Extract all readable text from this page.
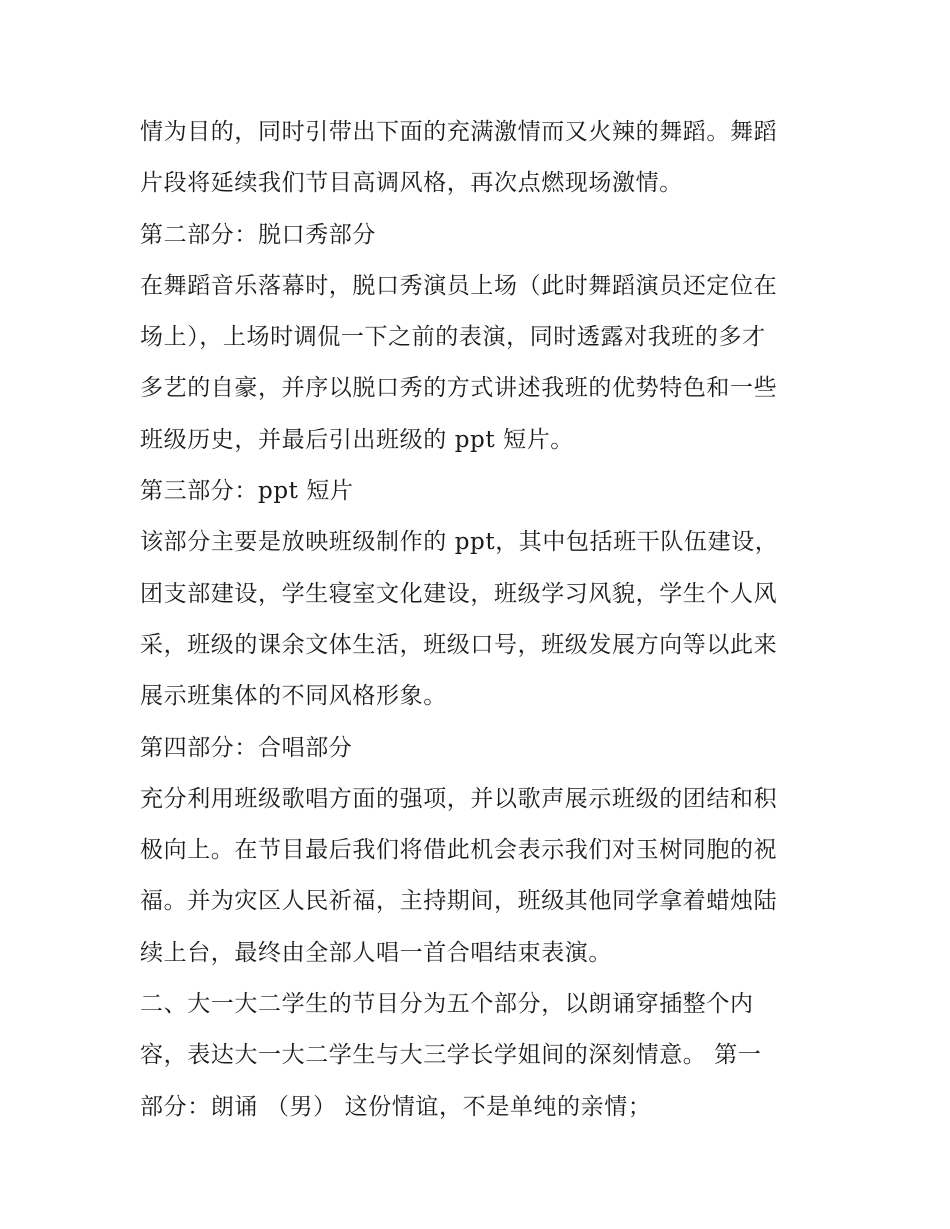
情为目的，同时引带出下面的充满激情而又火辣的舞蹈。舞蹈
片段将延续我们节目高调风格，再次点燃现场激情。
第二部分：脱口秀部分
在舞蹈音乐落幕时，脱口秀演员上场（此时舞蹈演员还定位在
场上），上场时调侃一下之前的表演，同时透露对我班的多才
多艺的自豪，并序以脱口秀的方式讲述我班的优势特色和一些
班级历史，并最后引出班级的 ppt 短片。
第三部分：ppt 短片
该部分主要是放映班级制作的 ppt，其中包括班干队伍建设，
团支部建设，学生寝室文化建设，班级学习风貌，学生个人风
采，班级的课余文体生活，班级口号，班级发展方向等以此来
展示班集体的不同风格形象。
第四部分：合唱部分
充分利用班级歌唱方面的强项，并以歌声展示班级的团结和积
极向上。在节目最后我们将借此机会表示我们对玉树同胞的祝
福。并为灾区人民祈福，主持期间，班级其他同学拿着蜡烛陆
续上台，最终由全部人唱一首合唱结束表演。
二、大一大二学生的节目分为五个部分，以朗诵穿插整个内
容，表达大一大二学生与大三学长学姐间的深刻情意。 第一
部分：朗诵 （男） 这份情谊，不是单纯的亲情；
